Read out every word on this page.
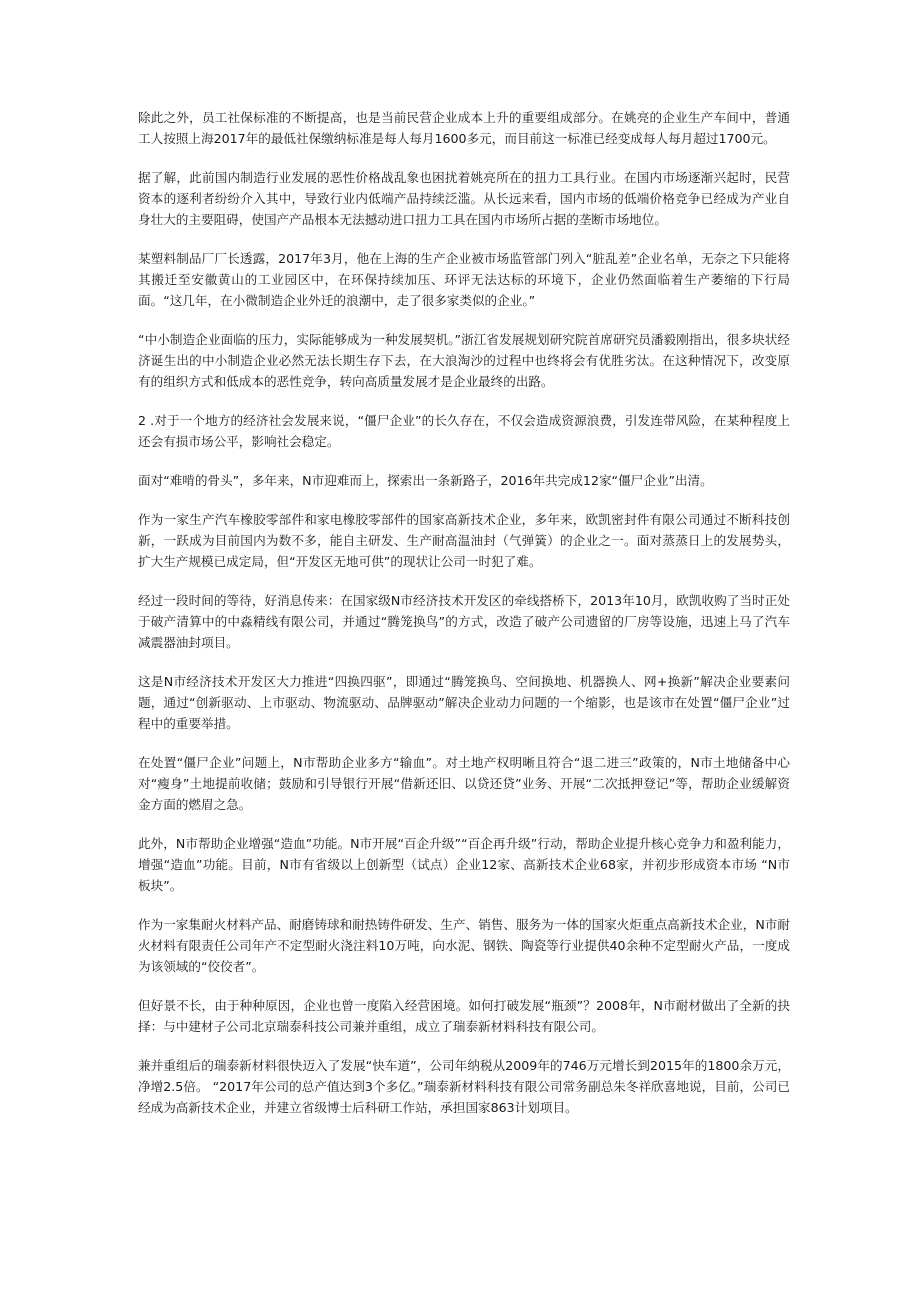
除此之外，员工社保标准的不断提高，也是当前民营企业成本上升的重要组成部分。在姚亮的企业生产车间中，普通工人按照上海2017年的最低社保缴纳标准是每人每月1600多元，而目前这一标准已经变成每人每月超过1700元。

据了解，此前国内制造行业发展的恶性价格战乱象也困扰着姚亮所在的扭力工具行业。在国内市场逐渐兴起时，民营资本的逐利者纷纷介入其中，导致行业内低端产品持续泛滥。从长远来看，国内市场的低端价格竞争已经成为产业自身壮大的主要阻碍，使国产产品根本无法撼动进口扭力工具在国内市场所占据的垄断市场地位。

某塑料制品厂厂长透露，2017年3月，他在上海的生产企业被市场监管部门列入“脏乱差”企业名单，无奈之下只能将其搬迁至安徽黄山的工业园区中，在环保持续加压、环评无法达标的环境下，企业仍然面临着生产萎缩的下行局面。“这几年，在小微制造企业外迁的浪潮中，走了很多家类似的企业。”

“中小制造企业面临的压力，实际能够成为一种发展契机。”浙江省发展规划研究院首席研究员潘毅刚指出，很多块状经济诞生出的中小制造企业必然无法长期生存下去，在大浪淘沙的过程中也终将会有优胜劣汰。在这种情况下，改变原有的组织方式和低成本的恶性竞争，转向高质量发展才是企业最终的出路。

2 .对于一个地方的经济社会发展来说，“僵尸企业”的长久存在，不仅会造成资源浪费，引发连带风险，在某种程度上还会有损市场公平，影响社会稳定。

面对“难啃的骨头”，多年来，N市迎难而上，探索出一条新路子，2016年共完成12家“僵尸企业”出清。

作为一家生产汽车橡胶零部件和家电橡胶零部件的国家高新技术企业，多年来，欧凯密封件有限公司通过不断科技创新，一跃成为目前国内为数不多，能自主研发、生产耐高温油封（气弹簧）的企业之一。面对蒸蒸日上的发展势头，扩大生产规模已成定局，但“开发区无地可供”的现状让公司一时犯了难。

经过一段时间的等待，好消息传来：在国家级N市经济技术开发区的牵线搭桥下，2013年10月，欧凯收购了当时正处于破产清算中的中淼精线有限公司，并通过“腾笼换鸟”的方式，改造了破产公司遗留的厂房等设施，迅速上马了汽车减震器油封项目。

这是N市经济技术开发区大力推进“四换四驱”，即通过“腾笼换鸟、空间换地、机器换人、网+换新”解决企业要素问题，通过“创新驱动、上市驱动、物流驱动、品牌驱动”解决企业动力问题的一个缩影，也是该市在处置“僵尸企业”过程中的重要举措。

在处置“僵尸企业”问题上，N市帮助企业多方“输血”。对土地产权明晰且符合“退二进三”政策的，N市土地储备中心对“瘦身”土地提前收储；鼓励和引导银行开展“借新还旧、以贷还贷”业务、开展“二次抵押登记”等，帮助企业缓解资金方面的燃眉之急。

此外，N市帮助企业增强“造血”功能。N市开展“百企升级”“百企再升级”行动，帮助企业提升核心竞争力和盈利能力，增强“造血”功能。目前，N市有省级以上创新型（试点）企业12家、高新技术企业68家，并初步形成资本市场 “N市板块”。

作为一家集耐火材料产品、耐磨铸球和耐热铸件研发、生产、销售、服务为一体的国家火炬重点高新技术企业，N市耐火材料有限责任公司年产不定型耐火浇注料10万吨，向水泥、钢铁、陶瓷等行业提供40余种不定型耐火产品，一度成为该领域的“佼佼者”。

但好景不长，由于种种原因，企业也曾一度陷入经营困境。如何打破发展“瓶颈”？2008年，N市耐材做出了全新的抉择：与中建材子公司北京瑞泰科技公司兼并重组，成立了瑞泰新材料科技有限公司。

兼并重组后的瑞泰新材料很快迈入了发展“快车道”，公司年纳税从2009年的746万元增长到2015年的1800余万元，净增2.5倍。 “2017年公司的总产值达到3个多亿。”瑞泰新材料科技有限公司常务副总朱冬祥欣喜地说，目前，公司已经成为高新技术企业，并建立省级博士后科研工作站，承担国家863计划项目。
